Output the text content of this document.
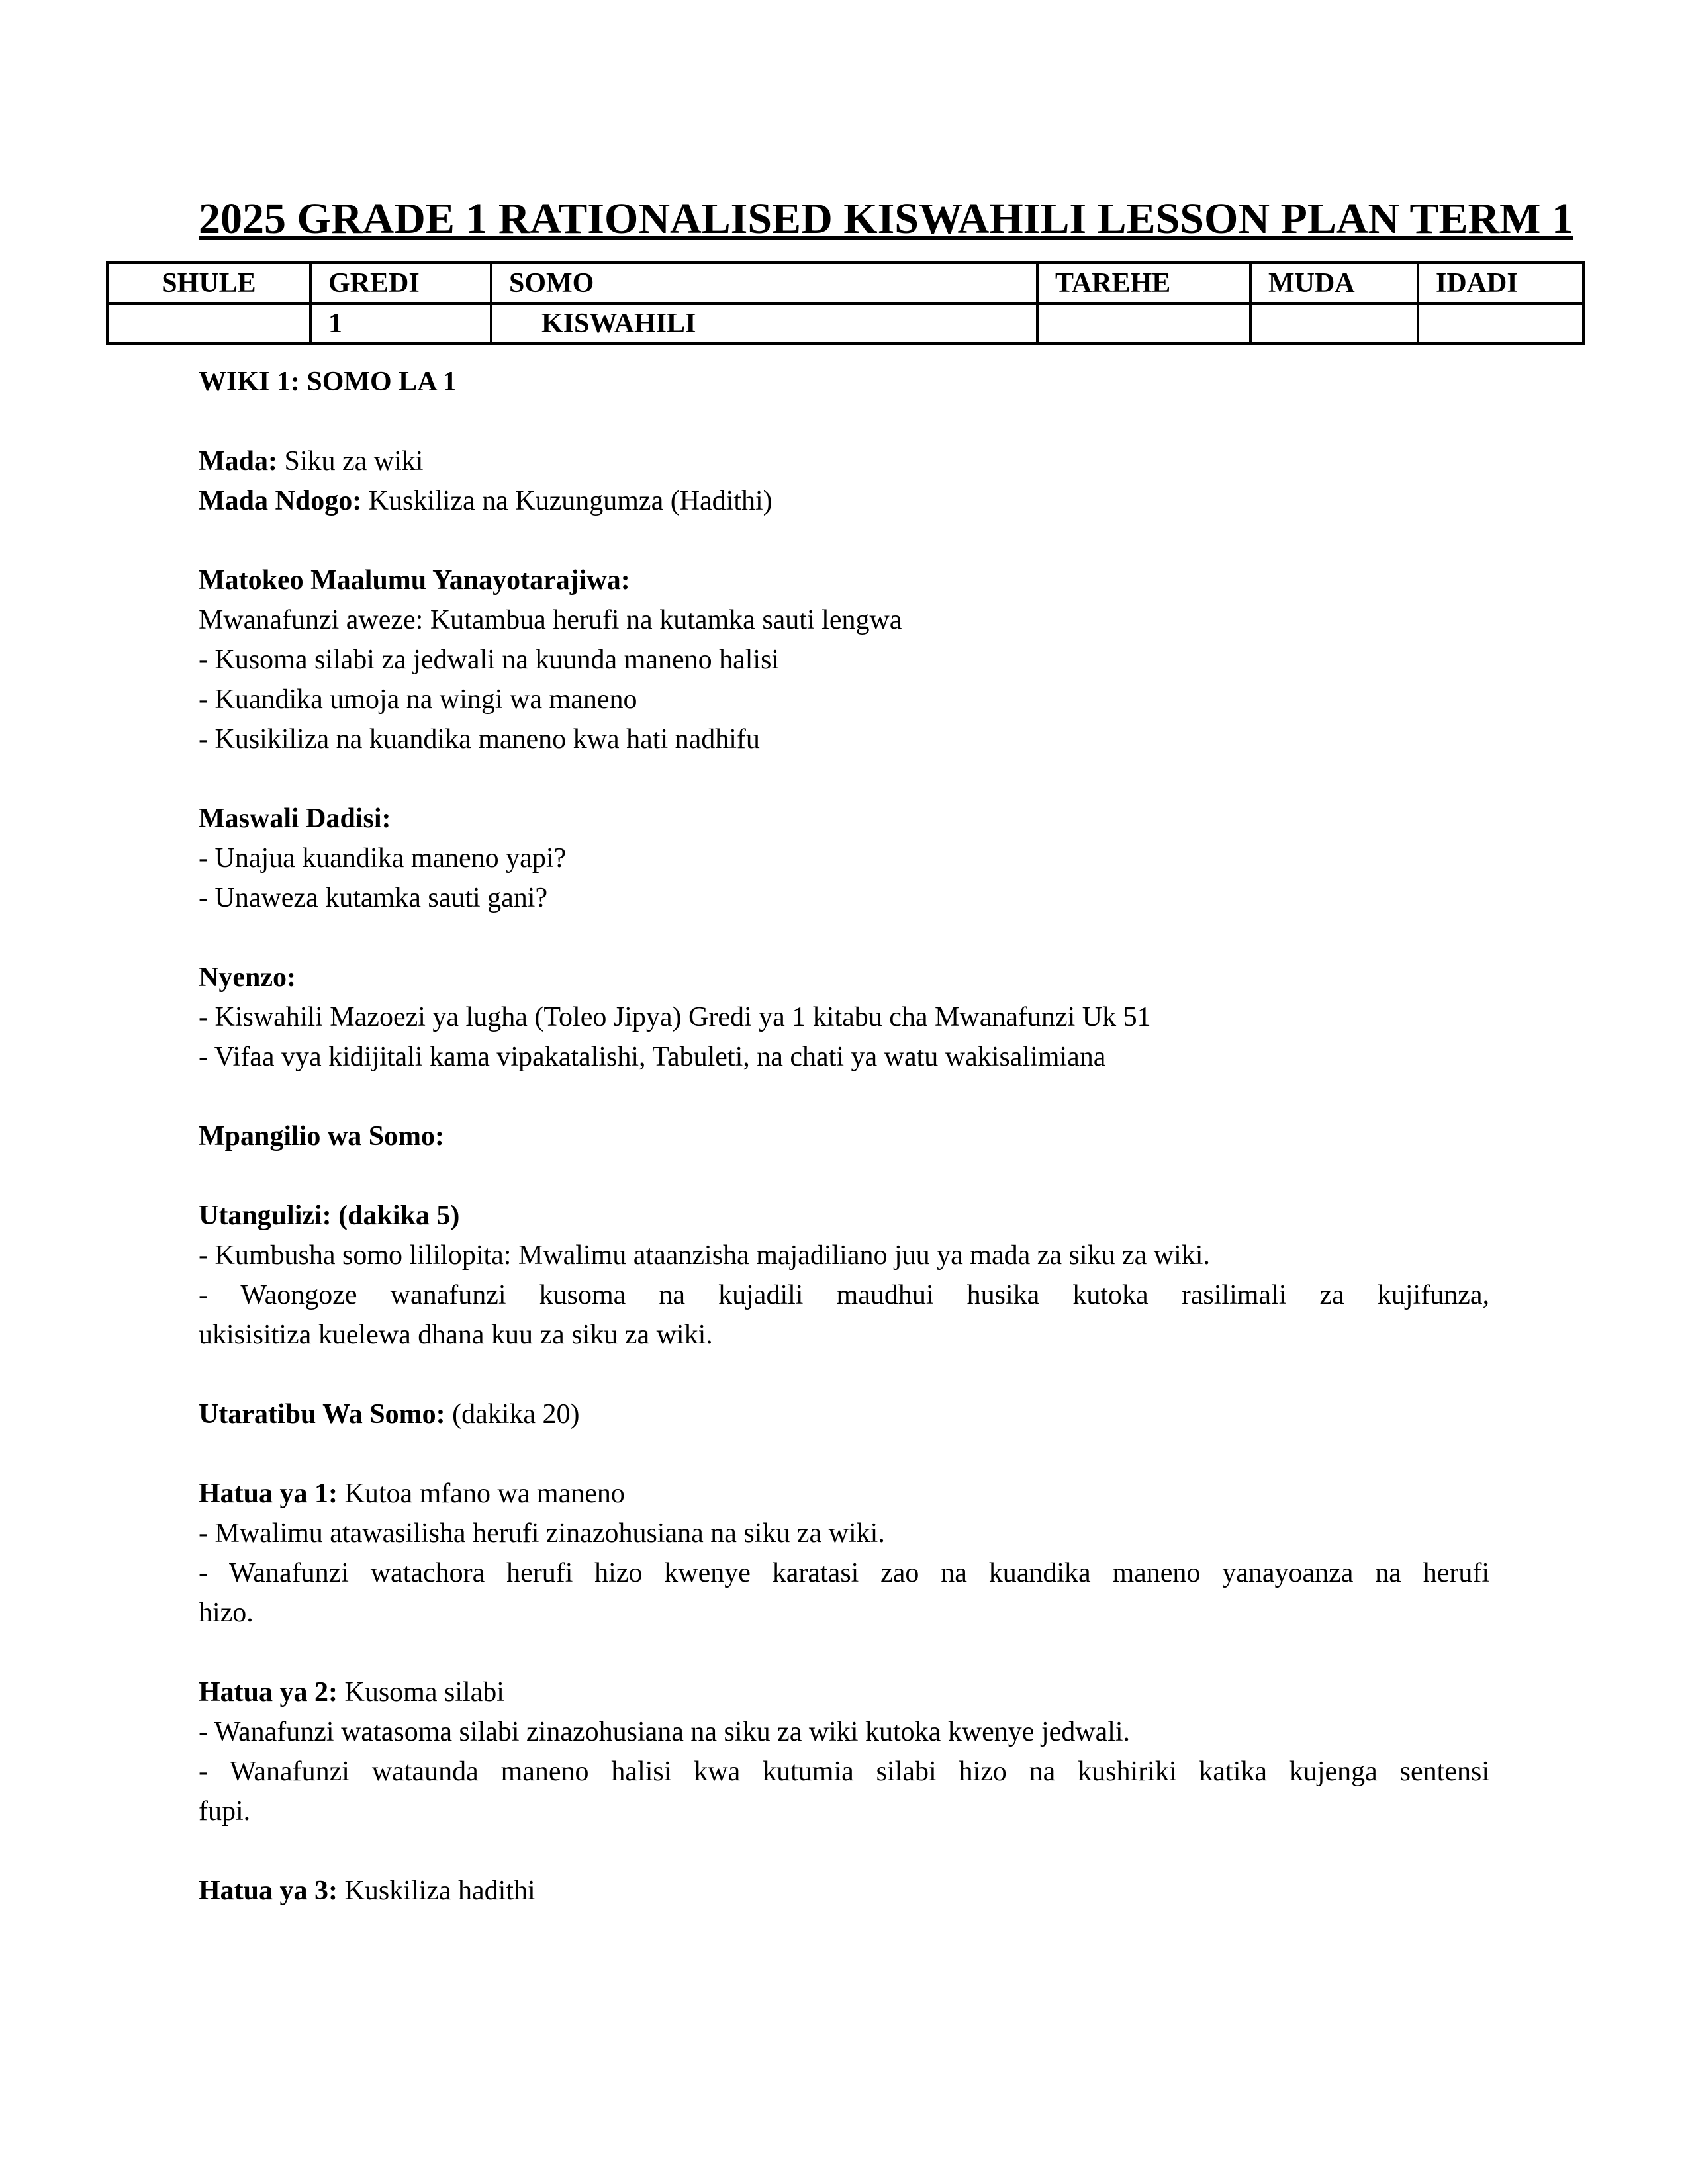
2025 GRADE 1 RATIONALISED KISWAHILI LESSON PLAN TERM 1
SHULE	GREDI	SOMO	TAREHE	MUDA	IDADI
	1	KISWAHILI			
WIKI 1: SOMO LA 1
Mada: Siku za wiki
Mada Ndogo: Kuskiliza na Kuzungumza (Hadithi)
Matokeo Maalumu Yanayotarajiwa:
Mwanafunzi aweze: Kutambua herufi na kutamka sauti lengwa
- Kusoma silabi za jedwali na kuunda maneno halisi
- Kuandika umoja na wingi wa maneno
- Kusikiliza na kuandika maneno kwa hati nadhifu
Maswali Dadisi:
- Unajua kuandika maneno yapi?
- Unaweza kutamka sauti gani?
Nyenzo:
- Kiswahili Mazoezi ya lugha (Toleo Jipya) Gredi ya 1 kitabu cha Mwanafunzi Uk 51
- Vifaa vya kidijitali kama vipakatalishi, Tabuleti, na chati ya watu wakisalimiana
Mpangilio wa Somo:
Utangulizi: (dakika 5)
- Kumbusha somo lililopita: Mwalimu ataanzisha majadiliano juu ya mada za siku za wiki.
- Waongoze wanafunzi kusoma na kujadili maudhui husika kutoka rasilimali za kujifunza,
ukisisitiza kuelewa dhana kuu za siku za wiki.
Utaratibu Wa Somo: (dakika 20)
Hatua ya 1: Kutoa mfano wa maneno
- Mwalimu atawasilisha herufi zinazohusiana na siku za wiki.
- Wanafunzi watachora herufi hizo kwenye karatasi zao na kuandika maneno yanayoanza na herufi
hizo.
Hatua ya 2: Kusoma silabi
- Wanafunzi watasoma silabi zinazohusiana na siku za wiki kutoka kwenye jedwali.
- Wanafunzi wataunda maneno halisi kwa kutumia silabi hizo na kushiriki katika kujenga sentensi
fupi.
Hatua ya 3: Kuskiliza hadithi
